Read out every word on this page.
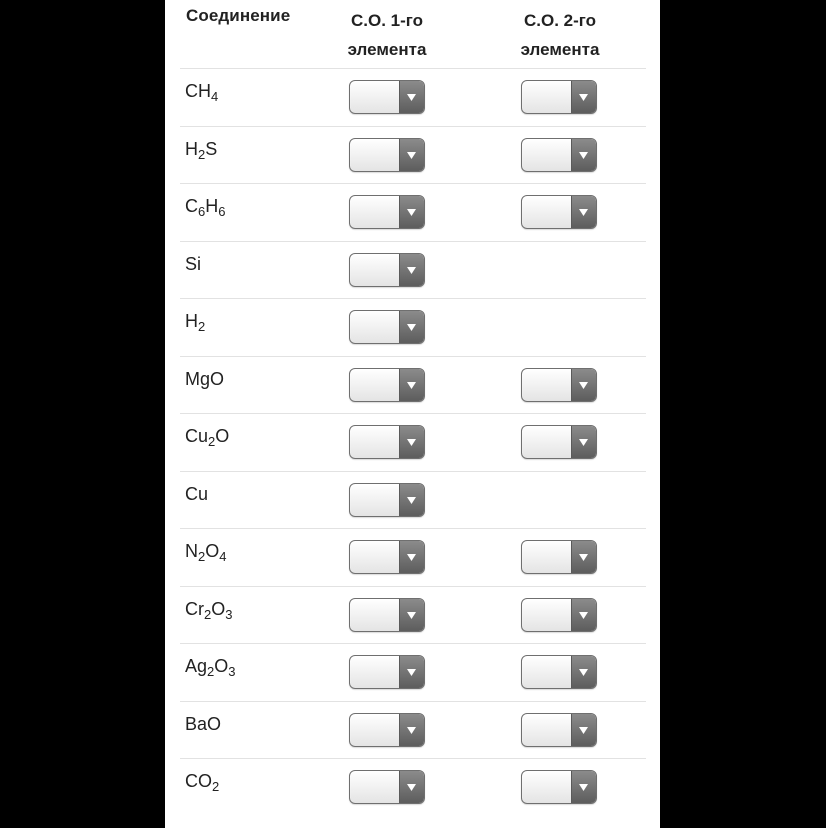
Соединение	С.О. 1-го
элемента
С.О. 2-го
элемента
$CH_4$
$H_2S$
$C_6H_6$
Si
$H_2$
MgO
$Cu_2O$
Cu
$N_2O_4$
$Cr_2O_3$
$Ag_2O_3$
BaO
$CO_2$
